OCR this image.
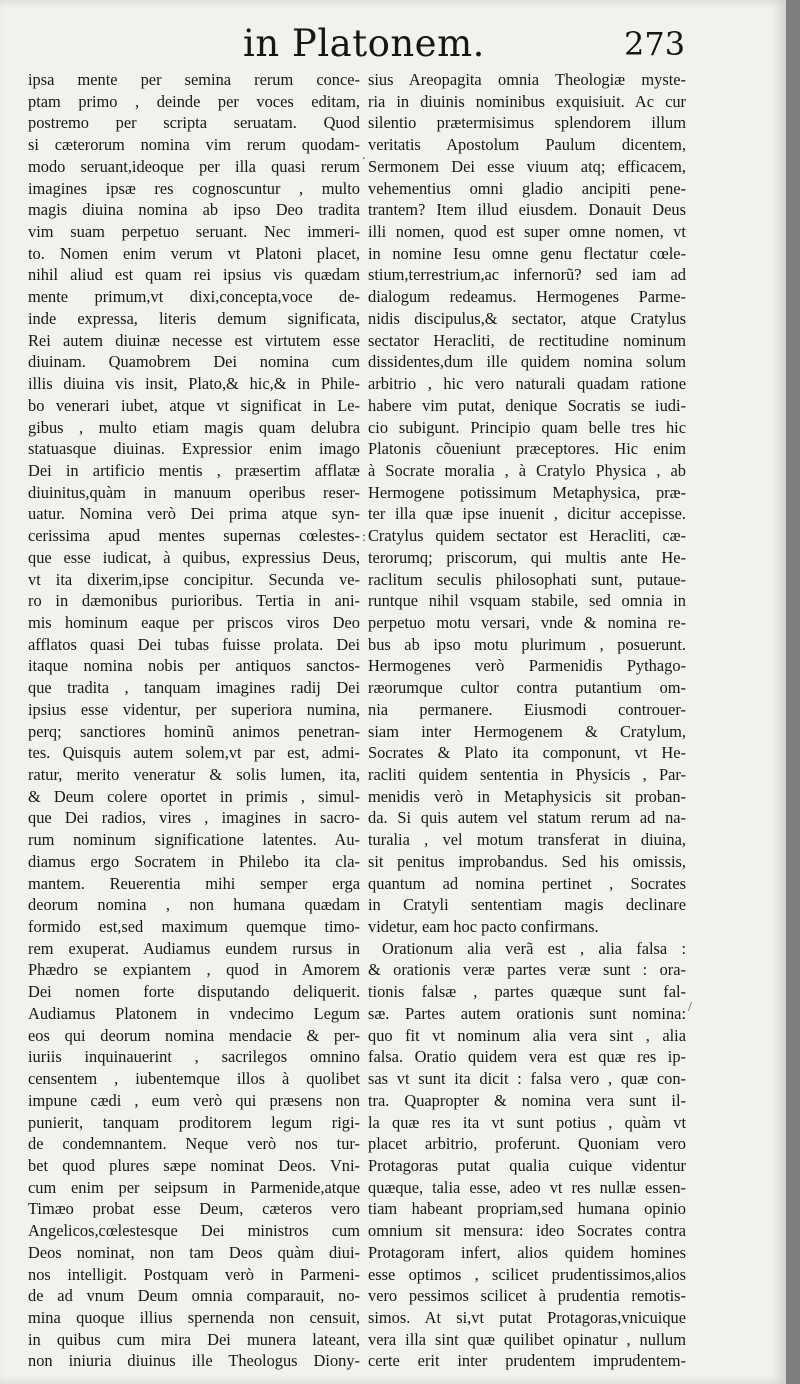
in Platonem.	273
ipsa mente per semina rerum conce-
ptam primo , deinde per voces editam,
postremo per scripta seruatam. Quod
si cæterorum nomina vim rerum quodam-
modo seruant,ideoque per illa quasi rerum
imagines ipsæ res cognoscuntur , multo
magis diuina nomina ab ipso Deo tradita
vim suam perpetuo seruant. Nec immeri-
to. Nomen enim verum vt Platoni placet,
nihil aliud est quam rei ipsius vis quædam
mente primum,vt dixi,concepta,voce de-
inde expressa, literis demum significata,
Rei autem diuinæ necesse est virtutem esse
diuinam. Quamobrem Dei nomina cum
illis diuina vis insit, Plato,& hic,& in Phile-
bo venerari iubet, atque vt significat in Le-
gibus , multo etiam magis quam delubra
statuasque diuinas. Expressior enim imago
Dei in artificio mentis , præsertim afflatæ
diuinitus,quàm in manuum operibus reser-
uatur. Nomina verò Dei prima atque syn-
cerissima apud mentes supernas cœlestes-
que esse iudicat, à quibus, expressius Deus,
vt ita dixerim,ipse concipitur. Secunda ve-
ro in dæmonibus purioribus. Tertia in ani-
mis hominum eaque per priscos viros Deo
afflatos quasi Dei tubas fuisse prolata. Dei
itaque nomina nobis per antiquos sanctos-
que tradita , tanquam imagines radij Dei
ipsius esse videntur, per superiora numina,
perq; sanctiores hominũ animos penetran-
tes. Quisquis autem solem,vt par est, admi-
ratur, merito veneratur & solis lumen, ita,
& Deum colere oportet in primis , simul-
que Dei radios, vires , imagines in sacro-
rum nominum significatione latentes. Au-
diamus ergo Socratem in Philebo ita cla-
mantem. Reuerentia mihi semper erga
deorum nomina , non humana quædam
formido est,sed maximum quemque timo-
rem exuperat. Audiamus eundem rursus in
Phædro se expiantem , quod in Amorem
Dei nomen forte disputando deliquerit.
Audiamus Platonem in vndecimo Legum
eos qui deorum nomina mendacie & per-
iuriis inquinauerint , sacrilegos omnino
censentem , iubentemque illos à quolibet
impune cædi , eum verò qui præsens non
punierit, tanquam proditorem legum rigi-
de condemnantem. Neque verò nos tur-
bet quod plures sæpe nominat Deos. Vni-
cum enim per seipsum in Parmenide,atque
Timæo probat esse Deum, cæteros vero
Angelicos,cœlestesque Dei ministros cum
Deos nominat, non tam Deos quàm diui-
nos intelligit. Postquam verò in Parmeni-
de ad vnum Deum omnia comparauit, no-
mina quoque illius spernenda non censuit,
in quibus cum mira Dei munera lateant,
non iniuria diuinus ille Theologus Diony-
sius Areopagita omnia Theologiæ myste-
ria in diuinis nominibus exquisiuit. Ac cur
silentio prætermisimus splendorem illum
veritatis Apostolum Paulum dicentem,
Sermonem Dei esse viuum atq; efficacem,
vehementius omni gladio ancipiti pene-
trantem? Item illud eiusdem. Donauit Deus
illi nomen, quod est super omne nomen, vt
in nomine Iesu omne genu flectatur cœle-
stium,terrestrium,ac infernorũ? sed iam ad
dialogum redeamus. Hermogenes Parme-
nidis discipulus,& sectator, atque Cratylus
sectator Heracliti, de rectitudine nominum
dissidentes,dum ille quidem nomina solum
arbitrio , hic vero naturali quadam ratione
habere vim putat, denique Socratis se iudi-
cio subigunt. Principio quam belle tres hic
Platonis cõueniunt præceptores. Hic enim
à Socrate moralia , à Cratylo Physica , ab
Hermogene potissimum Metaphysica, præ-
ter illa quæ ipse inuenit , dicitur accepisse.
Cratylus quidem sectator est Heracliti, cæ-
terorumq; priscorum, qui multis ante He-
raclitum seculis philosophati sunt, putaue-
runtque nihil vsquam stabile, sed omnia in
perpetuo motu versari, vnde & nomina re-
bus ab ipso motu plurimum , posuerunt.
Hermogenes verò Parmenidis Pythago-
ræorumque cultor contra putantium om-
nia permanere. Eiusmodi controuer-
siam inter Hermogenem & Cratylum,
Socrates & Plato ita componunt, vt He-
racliti quidem sententia in Physicis , Par-
menidis verò in Metaphysicis sit proban-
da. Si quis autem vel statum rerum ad na-
turalia , vel motum transferat in diuina,
sit penitus improbandus. Sed his omissis,
quantum ad nomina pertinet , Socrates
in Cratyli sententiam magis declinare
videtur, eam hoc pacto confirmans.
Orationum alia verã est , alia falsa :
& orationis veræ partes veræ sunt : ora-
tionis falsæ , partes quæque sunt fal-
sæ. Partes autem orationis sunt nomina:
quo fit vt nominum alia vera sint , alia
falsa. Oratio quidem vera est quæ res ip-
sas vt sunt ita dicit : falsa vero , quæ con-
tra. Quapropter & nomina vera sunt il-
la quæ res ita vt sunt potius , quàm vt
placet arbitrio, proferunt. Quoniam vero
Protagoras putat qualia cuique videntur
quæque, talia esse, adeo vt res nullæ essen-
tiam habeant propriam,sed humana opinio
omnium sit mensura: ideo Socrates contra
Protagoram infert, alios quidem homines
esse optimos , scilicet prudentissimos,alios
vero pessimos scilicet à prudentia remotis-
simos. At si,vt putat Protagoras,vnicuique
vera illa sint quæ quilibet opinatur , nullum
certe erit inter prudentem imprudentem-
.
:
/
